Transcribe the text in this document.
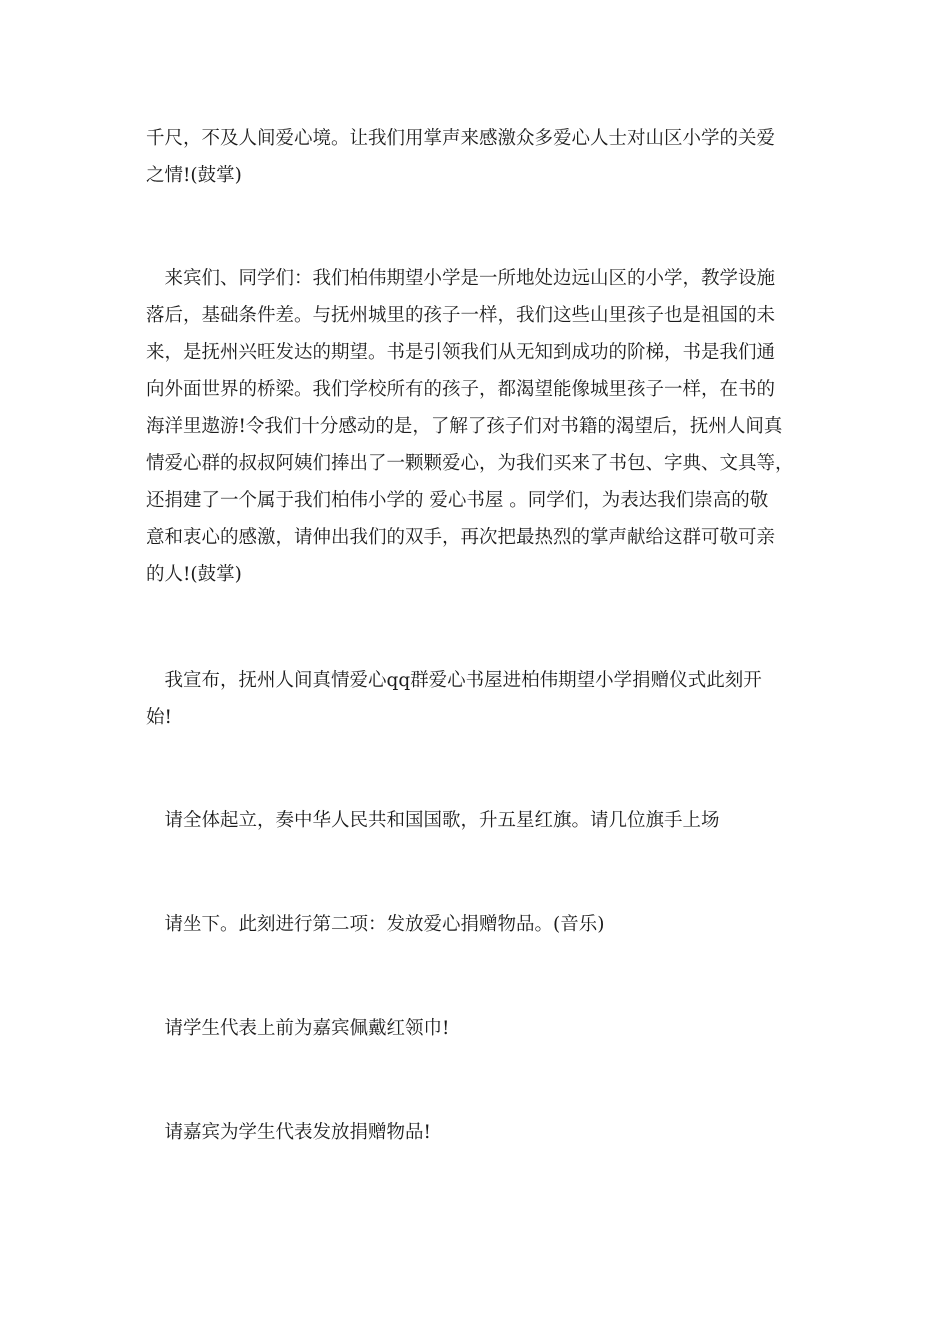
千尺，不及人间爱心境。让我们用掌声来感激众多爱心人士对山区小学的关爱
之情!(鼓掌)

　来宾们、同学们：我们柏伟期望小学是一所地处边远山区的小学，教学设施
落后，基础条件差。与抚州城里的孩子一样，我们这些山里孩子也是祖国的未
来，是抚州兴旺发达的期望。书是引领我们从无知到成功的阶梯，书是我们通
向外面世界的桥梁。我们学校所有的孩子，都渴望能像城里孩子一样，在书的
海洋里遨游!令我们十分感动的是，了解了孩子们对书籍的渴望后，抚州人间真
情爱心群的叔叔阿姨们捧出了一颗颗爱心，为我们买来了书包、字典、文具等，
还捐建了一个属于我们柏伟小学的 爱心书屋 。同学们，为表达我们崇高的敬
意和衷心的感激，请伸出我们的双手，再次把最热烈的掌声献给这群可敬可亲
的人!(鼓掌)

　我宣布，抚州人间真情爱心qq群爱心书屋进柏伟期望小学捐赠仪式此刻开
始!

　请全体起立，奏中华人民共和国国歌，升五星红旗。请几位旗手上场

　请坐下。此刻进行第二项：发放爱心捐赠物品。(音乐)

　请学生代表上前为嘉宾佩戴红领巾!

　请嘉宾为学生代表发放捐赠物品!
